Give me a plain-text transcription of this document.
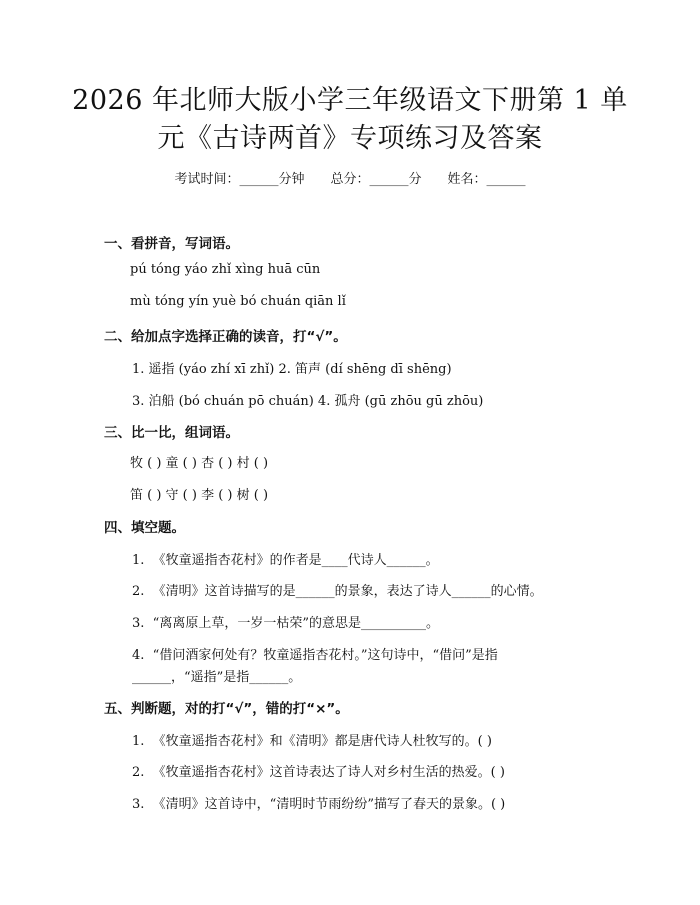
2026 年北师大版小学三年级语文下册第 1 单
元《古诗两首》专项练习及答案
考试时间：______分钟　　总分：______分　　姓名：______
一、看拼音，写词语。
pú tóng yáo zhǐ xìng huā cūn
mù tóng yín yuè bó chuán qiān lǐ
二、给加点字选择正确的读音，打“√”。
1. 遥指 (yáo zhí xī zhǐ) 2. 笛声 (dí shēng dī shēng)
3. 泊船 (bó chuán pō chuán) 4. 孤舟 (gū zhōu gū zhōu)
三、比一比，组词语。
牧 ( ) 童 ( ) 杏 ( ) 村 ( )
笛 ( ) 守 ( ) 李 ( ) 树 ( )
四、填空题。
1.  《牧童遥指杏花村》的作者是____代诗人______。
2.  《清明》这首诗描写的是______的景象，表达了诗人______的心情。
3.  “离离原上草，一岁一枯荣”的意思是__________。
4.  “借问酒家何处有？牧童遥指杏花村。”这句诗中，“借问”是指
______，“遥指”是指______。
五、判断题，对的打“√”，错的打“×”。
1.  《牧童遥指杏花村》和《清明》都是唐代诗人杜牧写的。( )
2.  《牧童遥指杏花村》这首诗表达了诗人对乡村生活的热爱。( )
3.  《清明》这首诗中，“清明时节雨纷纷”描写了春天的景象。( )
